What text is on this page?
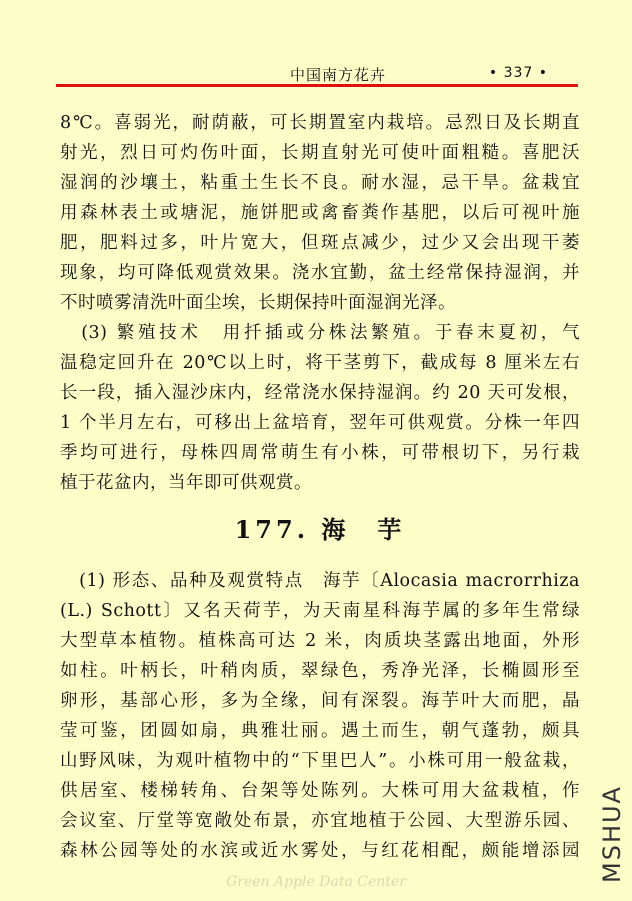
中国南方花卉	• 337 •
8℃。喜弱光，耐荫蔽，可长期置室内栽培。忌烈日及长期直
射光，烈日可灼伤叶面，长期直射光可使叶面粗糙。喜肥沃
湿润的沙壤土，粘重土生长不良。耐水湿，忌干旱。盆栽宜
用森林表土或塘泥，施饼肥或禽畜粪作基肥，以后可视叶施
肥，肥料过多，叶片宽大，但斑点减少，过少又会出现干萎
现象，均可降低观赏效果。浇水宜勤，盆土经常保持湿润，并
不时喷雾清洗叶面尘埃，长期保持叶面湿润光泽。
　(3) 繁殖技术　用扦插或分株法繁殖。于春末夏初，气
温稳定回升在 20℃以上时，将干茎剪下，截成每 8 厘米左右
长一段，插入湿沙床内，经常浇水保持湿润。约 20 天可发根，
1 个半月左右，可移出上盆培育，翌年可供观赏。分株一年四
季均可进行，母株四周常萌生有小株，可带根切下，另行栽
植于花盆内，当年即可供观赏。
177. 海　芋
　(1) 形态、品种及观赏特点　海芋〔Alocasia macrorrhiza
(L.) Schott〕又名天荷芋，为天南星科海芋属的多年生常绿
大型草本植物。植株高可达 2 米，肉质块茎露出地面，外形
如柱。叶柄长，叶稍肉质，翠绿色，秀净光泽，长椭圆形至
卵形，基部心形，多为全缘，间有深裂。海芋叶大而肥，晶
莹可鉴，团圆如扇，典雅壮丽。遇土而生，朝气蓬勃，颇具
山野风味，为观叶植物中的“下里巴人”。小株可用一般盆栽，
供居室、楼梯转角、台架等处陈列。大株可用大盆栽植，作
会议室、厅堂等宽敞处布景，亦宜地植于公园、大型游乐园、
森林公园等处的水滨或近水雾处，与红花相配，颇能增添园 MSHUA
Green Apple Data Center
